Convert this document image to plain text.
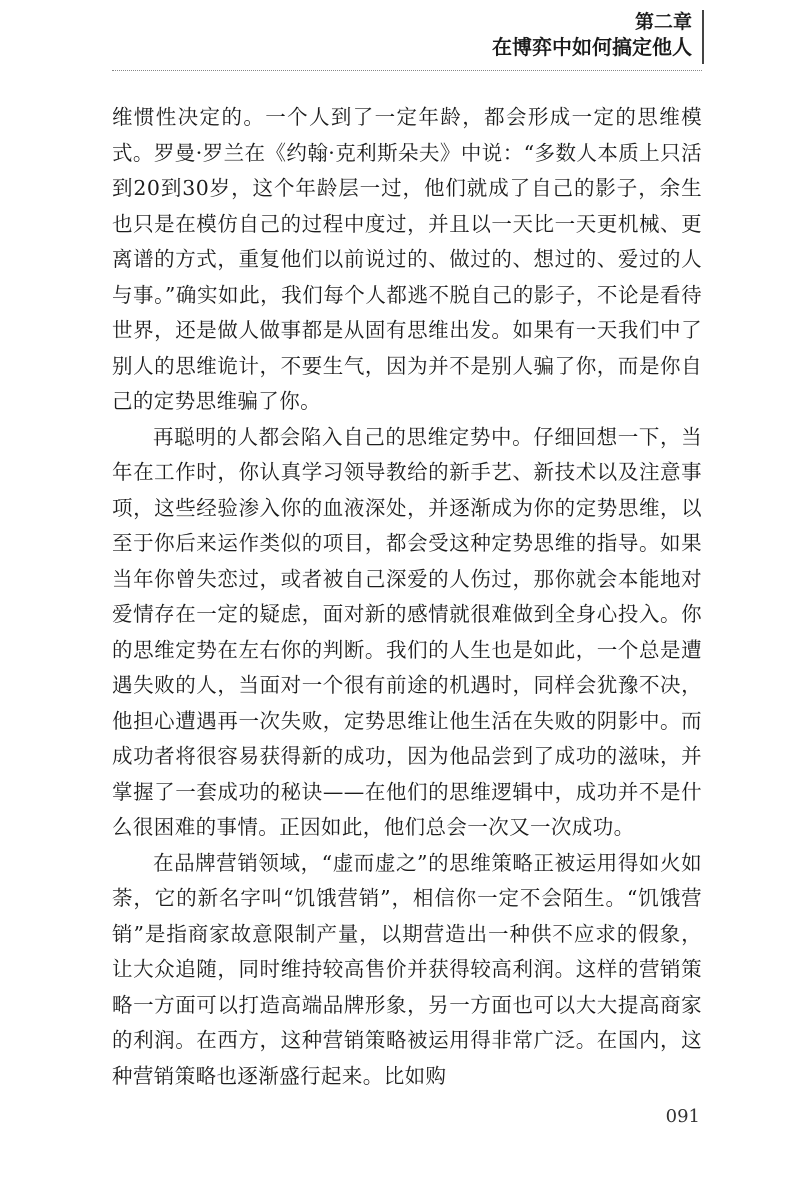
第二章
在博弈中如何搞定他人

维惯性决定的。一个人到了一定年龄，都会形成一定的思维模式。罗曼·罗兰在《约翰·克利斯朵夫》中说：“多数人本质上只活到20到30岁，这个年龄层一过，他们就成了自己的影子，余生也只是在模仿自己的过程中度过，并且以一天比一天更机械、更离谱的方式，重复他们以前说过的、做过的、想过的、爱过的人与事。”确实如此，我们每个人都逃不脱自己的影子，不论是看待世界，还是做人做事都是从固有思维出发。如果有一天我们中了别人的思维诡计，不要生气，因为并不是别人骗了你，而是你自己的定势思维骗了你。

再聪明的人都会陷入自己的思维定势中。仔细回想一下，当年在工作时，你认真学习领导教给的新手艺、新技术以及注意事项，这些经验渗入你的血液深处，并逐渐成为你的定势思维，以至于你后来运作类似的项目，都会受这种定势思维的指导。如果当年你曾失恋过，或者被自己深爱的人伤过，那你就会本能地对爱情存在一定的疑虑，面对新的感情就很难做到全身心投入。你的思维定势在左右你的判断。我们的人生也是如此，一个总是遭遇失败的人，当面对一个很有前途的机遇时，同样会犹豫不决，他担心遭遇再一次失败，定势思维让他生活在失败的阴影中。而成功者将很容易获得新的成功，因为他品尝到了成功的滋味，并掌握了一套成功的秘诀——在他们的思维逻辑中，成功并不是什么很困难的事情。正因如此，他们总会一次又一次成功。

在品牌营销领域，“虚而虚之”的思维策略正被运用得如火如荼，它的新名字叫“饥饿营销”，相信你一定不会陌生。“饥饿营销”是指商家故意限制产量，以期营造出一种供不应求的假象，让大众追随，同时维持较高售价并获得较高利润。这样的营销策略一方面可以打造高端品牌形象，另一方面也可以大大提高商家的利润。在西方，这种营销策略被运用得非常广泛。在国内，这种营销策略也逐渐盛行起来。比如购

091
